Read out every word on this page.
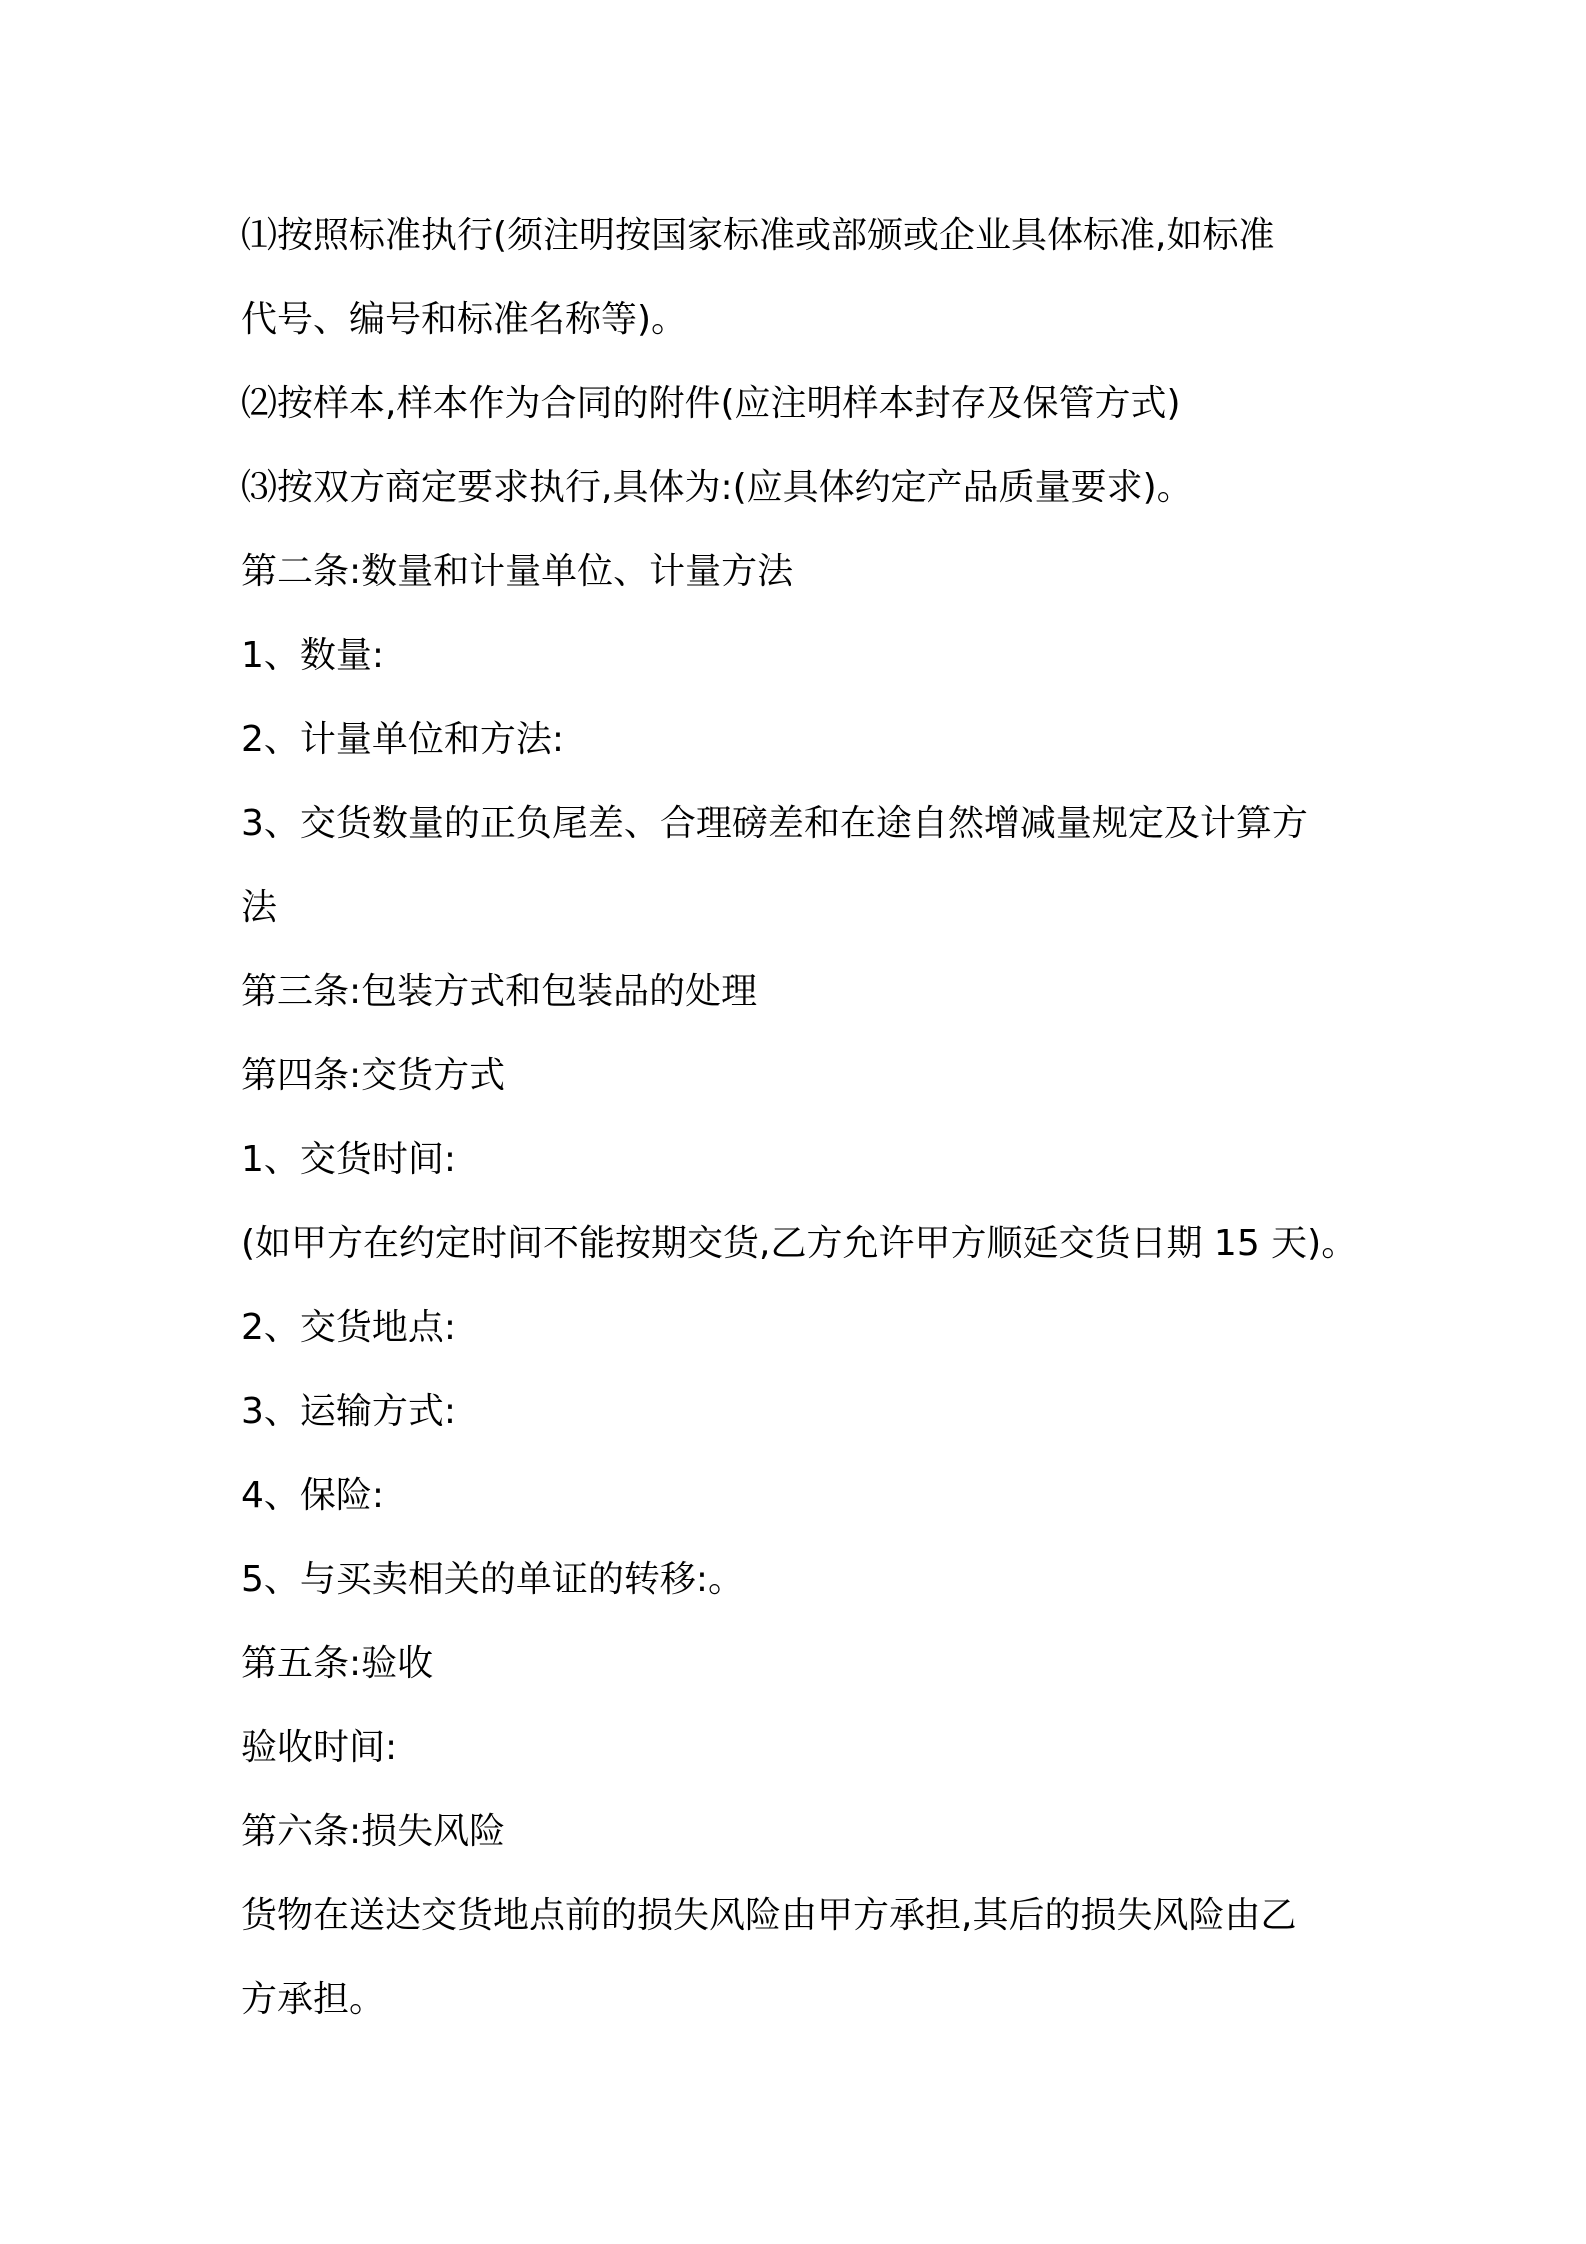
⑴按照标准执行(须注明按国家标准或部颁或企业具体标准,如标准
代号、编号和标准名称等)。
⑵按样本,样本作为合同的附件(应注明样本封存及保管方式)
⑶按双方商定要求执行,具体为:(应具体约定产品质量要求)。
第二条:数量和计量单位、计量方法
1、数量:
2、计量单位和方法:
3、交货数量的正负尾差、合理磅差和在途自然增减量规定及计算方
法
第三条:包装方式和包装品的处理
第四条:交货方式
1、交货时间:
(如甲方在约定时间不能按期交货,乙方允许甲方顺延交货日期 15 天)。
2、交货地点:
3、运输方式:
4、保险:
5、与买卖相关的单证的转移:。
第五条:验收
验收时间:
第六条:损失风险
货物在送达交货地点前的损失风险由甲方承担,其后的损失风险由乙
方承担。
